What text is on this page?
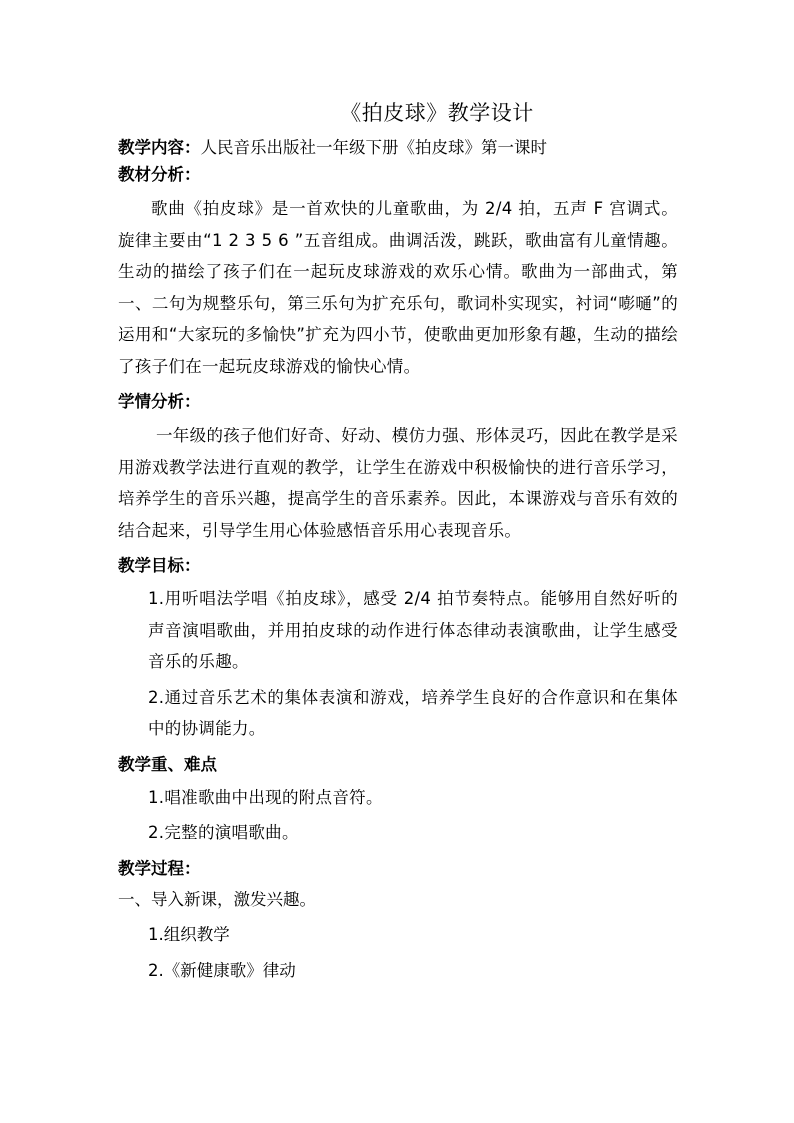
《拍皮球》教学设计
教学内容：人民音乐出版社一年级下册《拍皮球》第一课时
教材分析：
歌曲《拍皮球》是一首欢快的儿童歌曲，为 2/4 拍，五声 F 宫调式。旋律主要由“1 2 3 5 6 ”五音组成。曲调活泼，跳跃，歌曲富有儿童情趣。生动的描绘了孩子们在一起玩皮球游戏的欢乐心情。歌曲为一部曲式，第一、二句为规整乐句，第三乐句为扩充乐句，歌词朴实现实，衬词“嘭嗵”的运用和“大家玩的多愉快”扩充为四小节，使歌曲更加形象有趣，生动的描绘了孩子们在一起玩皮球游戏的愉快心情。
学情分析：
一年级的孩子他们好奇、好动、模仿力强、形体灵巧，因此在教学是采用游戏教学法进行直观的教学，让学生在游戏中积极愉快的进行音乐学习，培养学生的音乐兴趣，提高学生的音乐素养。因此，本课游戏与音乐有效的结合起来，引导学生用心体验感悟音乐用心表现音乐。
教学目标：
1.用听唱法学唱《拍皮球》，感受 2/4 拍节奏特点。能够用自然好听的声音演唱歌曲，并用拍皮球的动作进行体态律动表演歌曲，让学生感受音乐的乐趣。
2.通过音乐艺术的集体表演和游戏，培养学生良好的合作意识和在集体中的协调能力。
教学重、难点
1.唱准歌曲中出现的附点音符。
2.完整的演唱歌曲。
教学过程：
一、导入新课，激发兴趣。
1.组织教学
2.《新健康歌》律动
